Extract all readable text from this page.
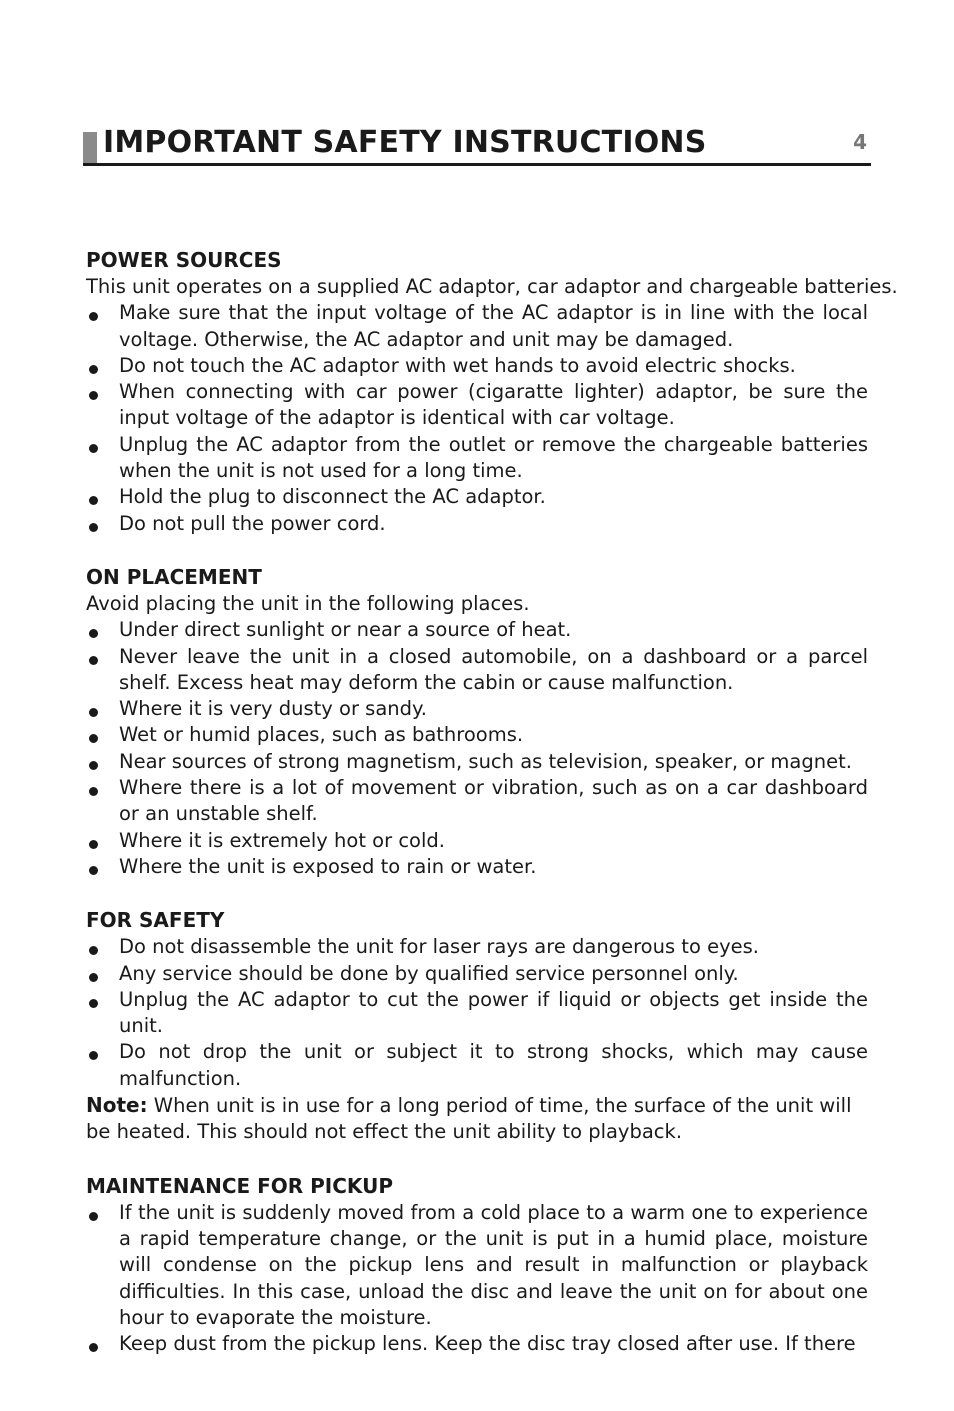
IMPORTANT SAFETY INSTRUCTIONS	4
POWER SOURCES
This unit operates on a supplied AC adaptor, car adaptor and chargeable batteries.
Make sure that the input voltage of the AC adaptor is in line with the local voltage. Otherwise, the AC adaptor and unit may be damaged.
Do not touch the AC adaptor with wet hands to avoid electric shocks.
When connecting with car power (cigaratte lighter) adaptor, be sure the input voltage of the adaptor is identical with car voltage.
Unplug the AC adaptor from the outlet or remove the chargeable batteries when the unit is not used for a long time.
Hold the plug to disconnect the AC adaptor.
Do not pull the power cord.
ON PLACEMENT
Avoid placing the unit in the following places.
Under direct sunlight or near a source of heat.
Never leave the unit in a closed automobile, on a dashboard or a parcel shelf. Excess heat may deform the cabin or cause malfunction.
Where it is very dusty or sandy.
Wet or humid places, such as bathrooms.
Near sources of strong magnetism, such as television, speaker, or magnet.
Where there is a lot of movement or vibration, such as on a car dashboard or an unstable shelf.
Where it is extremely hot or cold.
Where the unit is exposed to rain or water.
FOR SAFETY
Do not disassemble the unit for laser rays are dangerous to eyes.
Any service should be done by qualified service personnel only.
Unplug the AC adaptor to cut the power if liquid or objects get inside the unit.
Do not drop the unit or subject it to strong shocks, which may cause malfunction.
Note: When unit is in use for a long period of time, the surface of the unit will be heated. This should not effect the unit ability to playback.
MAINTENANCE FOR PICKUP
If the unit is suddenly moved from a cold place to a warm one to experience a rapid temperature change, or the unit is put in a humid place, moisture will condense on the pickup lens and result in malfunction or playback difficulties. In this case, unload the disc and leave the unit on for about one hour to evaporate the moisture.
Keep dust from the pickup lens. Keep the disc tray closed after use. If there
